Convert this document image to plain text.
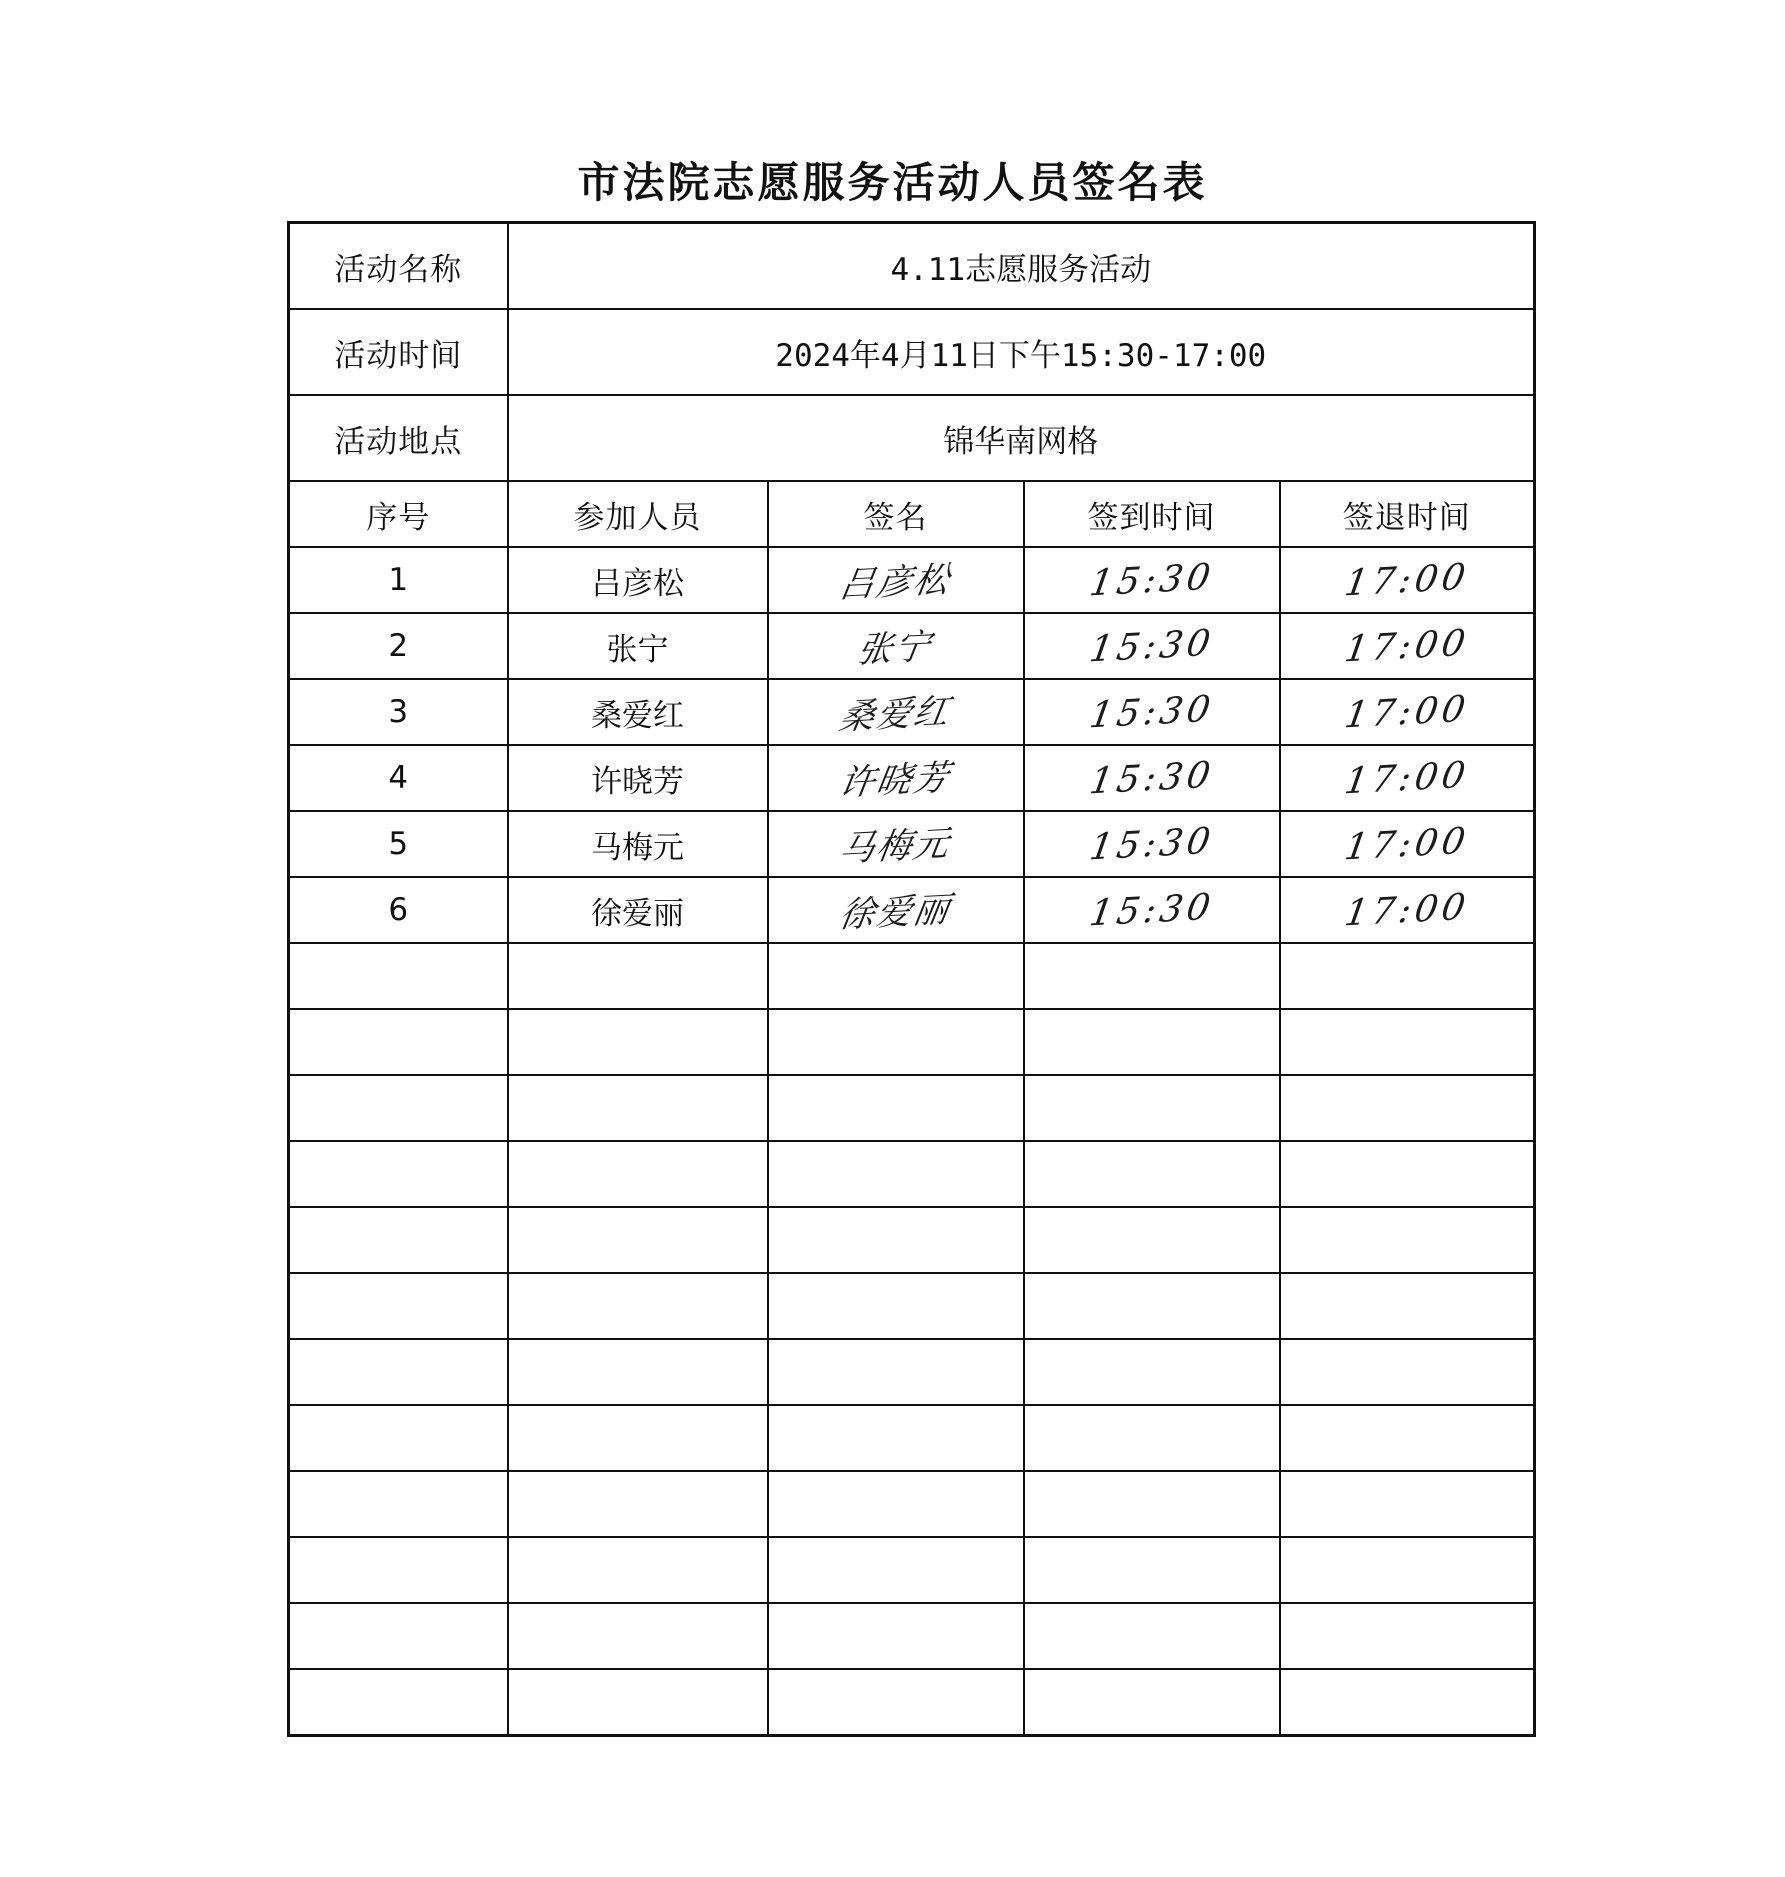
市法院志愿服务活动人员签名表
活动名称	4.11志愿服务活动			
活动时间	2024年4月11日下午15:30-17:00			
活动地点	锦华南网格			
序号	参加人员	签名	签到时间	签退时间
1	吕彦松	吕彦松	15:30	17:00
2	张宁	张宁	15:30	17:00
3	桑爱红	桑爱红	15:30	17:00
4	许晓芳	许晓芳	15:30	17:00
5	马梅元	马梅元	15:30	17:00
6	徐爱丽	徐爱丽	15:30	17:00
